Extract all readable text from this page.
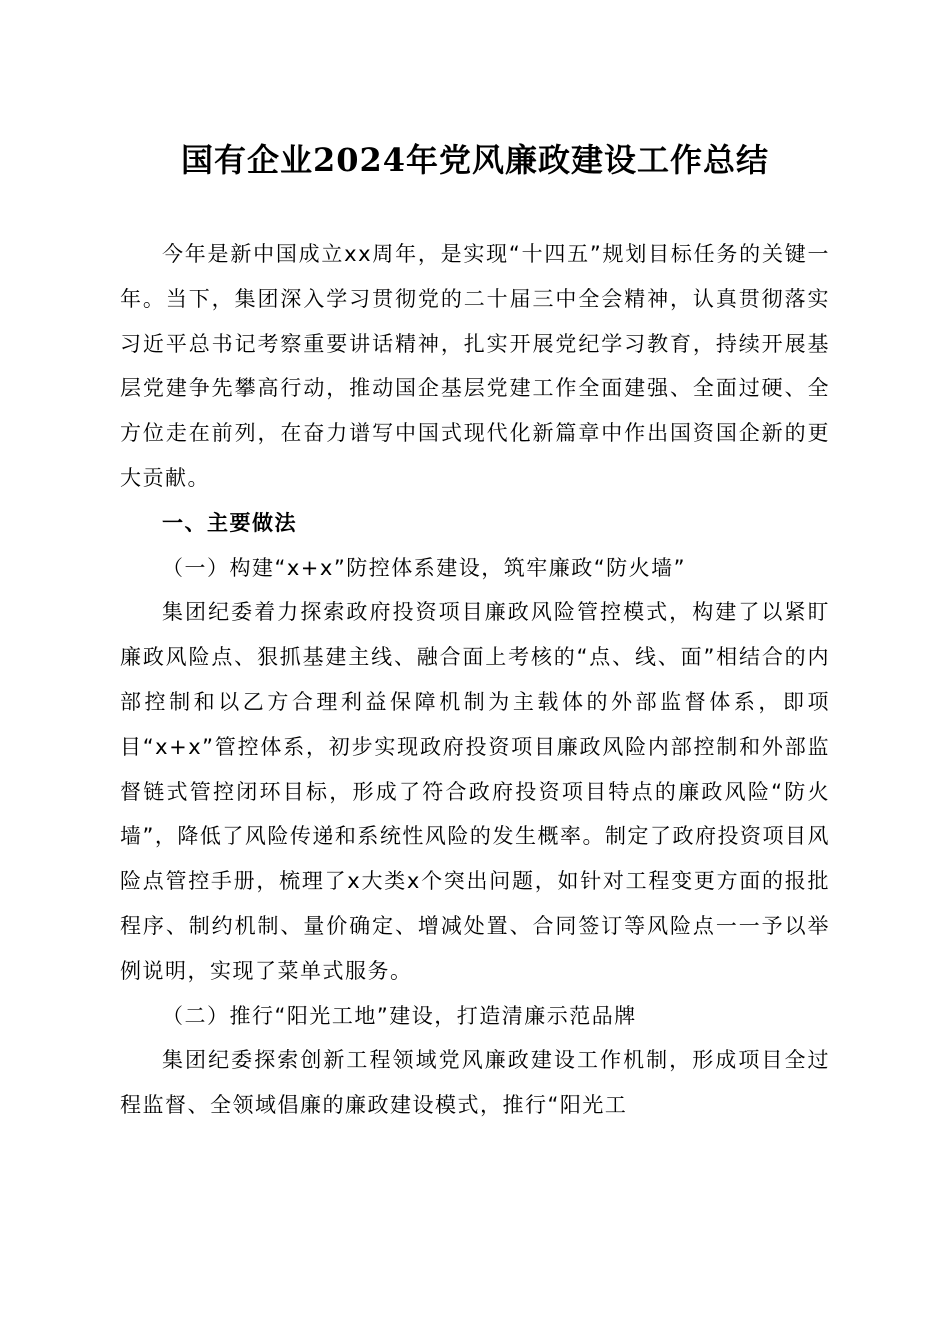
国有企业2024年党风廉政建设工作总结

今年是新中国成立xx周年，是实现“十四五”规划目标任务的关键一年。当下，集团深入学习贯彻党的二十届三中全会精神，认真贯彻落实习近平总书记考察重要讲话精神，扎实开展党纪学习教育，持续开展基层党建争先攀高行动，推动国企基层党建工作全面建强、全面过硬、全方位走在前列，在奋力谱写中国式现代化新篇章中作出国资国企新的更大贡献。

一、主要做法

（一）构建“x+x”防控体系建设，筑牢廉政“防火墙”

集团纪委着力探索政府投资项目廉政风险管控模式，构建了以紧盯廉政风险点、狠抓基建主线、融合面上考核的“点、线、面”相结合的内部控制和以乙方合理利益保障机制为主载体的外部监督体系，即项目“x+x”管控体系，初步实现政府投资项目廉政风险内部控制和外部监督链式管控闭环目标，形成了符合政府投资项目特点的廉政风险“防火墙”，降低了风险传递和系统性风险的发生概率。制定了政府投资项目风险点管控手册，梳理了x大类x个突出问题，如针对工程变更方面的报批程序、制约机制、量价确定、增减处置、合同签订等风险点一一予以举例说明，实现了菜单式服务。

（二）推行“阳光工地”建设，打造清廉示范品牌

集团纪委探索创新工程领域党风廉政建设工作机制，形成项目全过程监督、全领域倡廉的廉政建设模式，推行“阳光工
